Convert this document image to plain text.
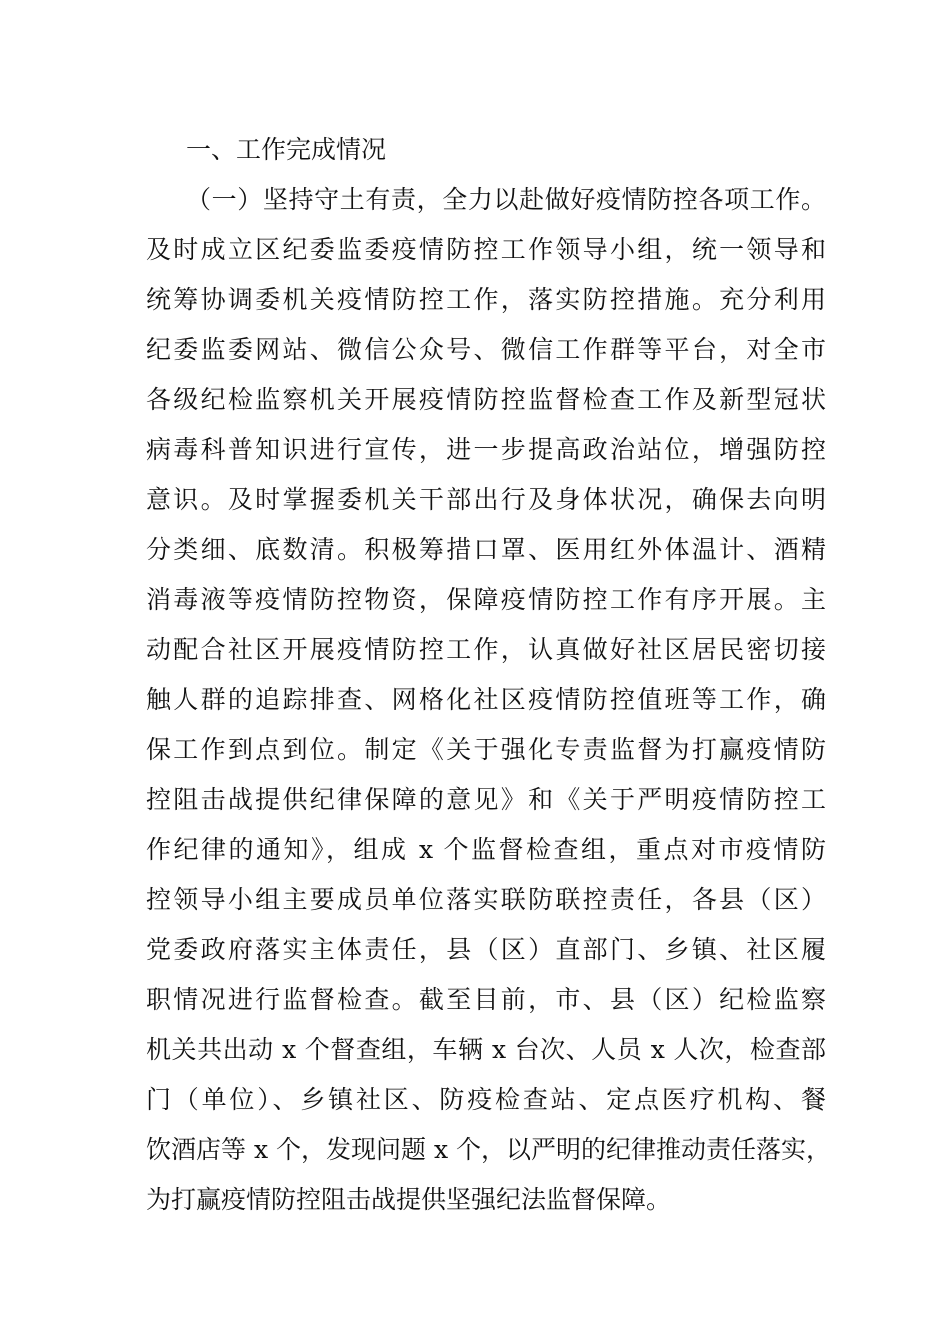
一、工作完成情况
（一）坚持守土有责，全力以赴做好疫情防控各项工作。
及时成立区纪委监委疫情防控工作领导小组，统一领导和
统筹协调委机关疫情防控工作，落实防控措施。充分利用
纪委监委网站、微信公众号、微信工作群等平台，对全市
各级纪检监察机关开展疫情防控监督检查工作及新型冠状
病毒科普知识进行宣传，进一步提高政治站位，增强防控
意识。及时掌握委机关干部出行及身体状况，确保去向明
分类细、底数清。积极筹措口罩、医用红外体温计、酒精
消毒液等疫情防控物资，保障疫情防控工作有序开展。主
动配合社区开展疫情防控工作，认真做好社区居民密切接
触人群的追踪排查、网格化社区疫情防控值班等工作，确
保工作到点到位。制定《关于强化专责监督为打赢疫情防
控阻击战提供纪律保障的意见》和《关于严明疫情防控工
作纪律的通知》，组成 x 个监督检查组，重点对市疫情防
控领导小组主要成员单位落实联防联控责任，各县（区）
党委政府落实主体责任，县（区）直部门、乡镇、社区履
职情况进行监督检查。截至目前，市、县（区）纪检监察
机关共出动 x 个督查组，车辆 x 台次、人员 x 人次，检查部
门（单位）、乡镇社区、防疫检查站、定点医疗机构、餐
饮酒店等 x 个，发现问题 x 个，以严明的纪律推动责任落实，
为打赢疫情防控阻击战提供坚强纪法监督保障。
